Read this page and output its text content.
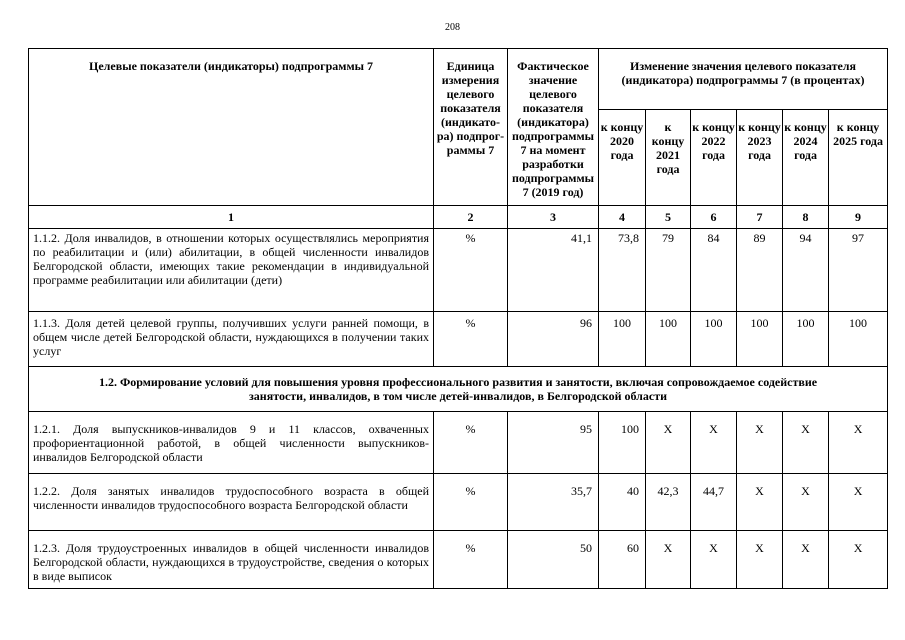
208
Целевые показатели (индикаторы) подпрограммы 7	Единица измерения целевого показателя (индикато- ра) подпрог- раммы 7	Фактическое значение целевого показателя (индикатора) подпрограммы 7 на момент разработки подпрограммы 7 (2019 год)	Изменение значения целевого показателя (индикатора) подпрограммы 7 (в процентах)					
			к концу 2020 года	к концу 2021 года	к концу 2022 года	к концу 2023 года	к концу 2024 года	к концу 2025 года
1	2	3	4	5	6	7	8	9
1.1.2. Доля инвалидов, в отношении которых осуществлялись мероприятия по реабилитации и (или) абилитации, в общей численности инвалидов Белгородской области, имеющих такие рекомендации в индивидуальной программе реабилитации или абилитации (дети)	%	41,1	73,8	79	84	89	94	97
1.1.3. Доля детей целевой группы, получивших услуги ранней помощи, в общем числе детей Белгородской области, нуждающихся в получении таких услуг	%	96	100	100	100	100	100	100
1.2. Формирование условий для повышения уровня профессионального развития и занятости, включая сопровождаемое содействие занятости, инвалидов, в том числе детей-инвалидов, в Белгородской области								
1.2.1. Доля выпускников-инвалидов 9 и 11 классов, охваченных профориентационной работой, в общей численности выпускников-инвалидов Белгородской области	%	95	100	X	X	X	X	X
1.2.2. Доля занятых инвалидов трудоспособного возраста в общей численности инвалидов трудоспособного возраста Белгородской области	%	35,7	40	42,3	44,7	X	X	X
1.2.3. Доля трудоустроенных инвалидов в общей численности инвалидов Белгородской области, нуждающихся в трудоустройстве, сведения о которых в виде выписок	%	50	60	X	X	X	X	X
